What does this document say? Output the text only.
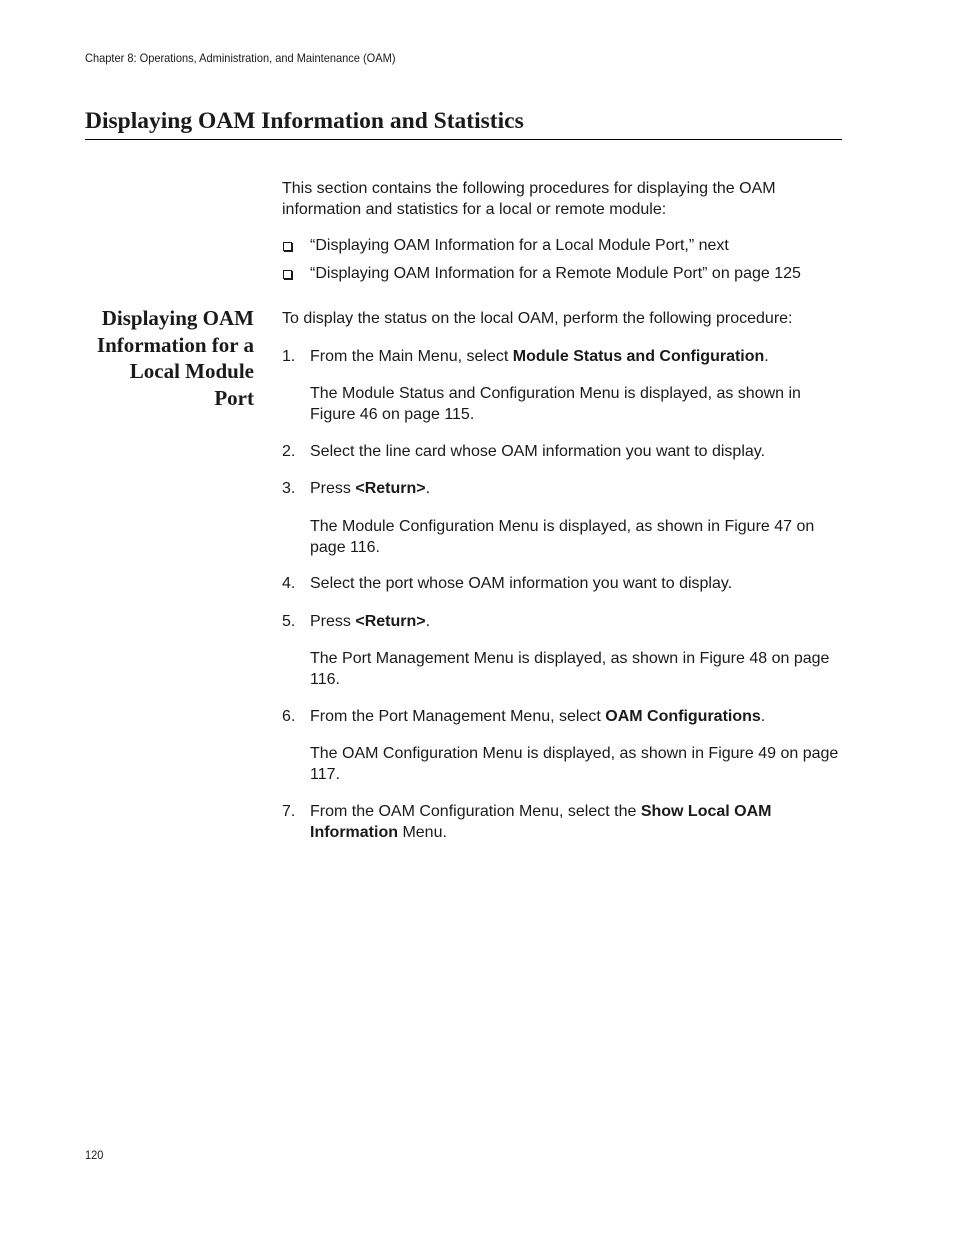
Chapter 8: Operations, Administration, and Maintenance (OAM)
Displaying OAM Information and Statistics

This section contains the following procedures for displaying the OAM information and statistics for a local or remote module:

“Displaying OAM Information for a Local Module Port,” next
“Displaying OAM Information for a Remote Module Port” on page 125
Displaying OAM
Information for a
Local Module
Port

To display the status on the local OAM, perform the following procedure:

1. From the Main Menu, select Module Status and Configuration.

The Module Status and Configuration Menu is displayed, as shown in Figure 46 on page 115.

2. Select the line card whose OAM information you want to display.
3. Press <Return>.

The Module Configuration Menu is displayed, as shown in Figure 47 on page 116.

4. Select the port whose OAM information you want to display.
5. Press <Return>.

The Port Management Menu is displayed, as shown in Figure 48 on page 116.

6. From the Port Management Menu, select OAM Configurations.

The OAM Configuration Menu is displayed, as shown in Figure 49 on page 117.

7. From the OAM Configuration Menu, select the Show Local OAM Information Menu.
120
